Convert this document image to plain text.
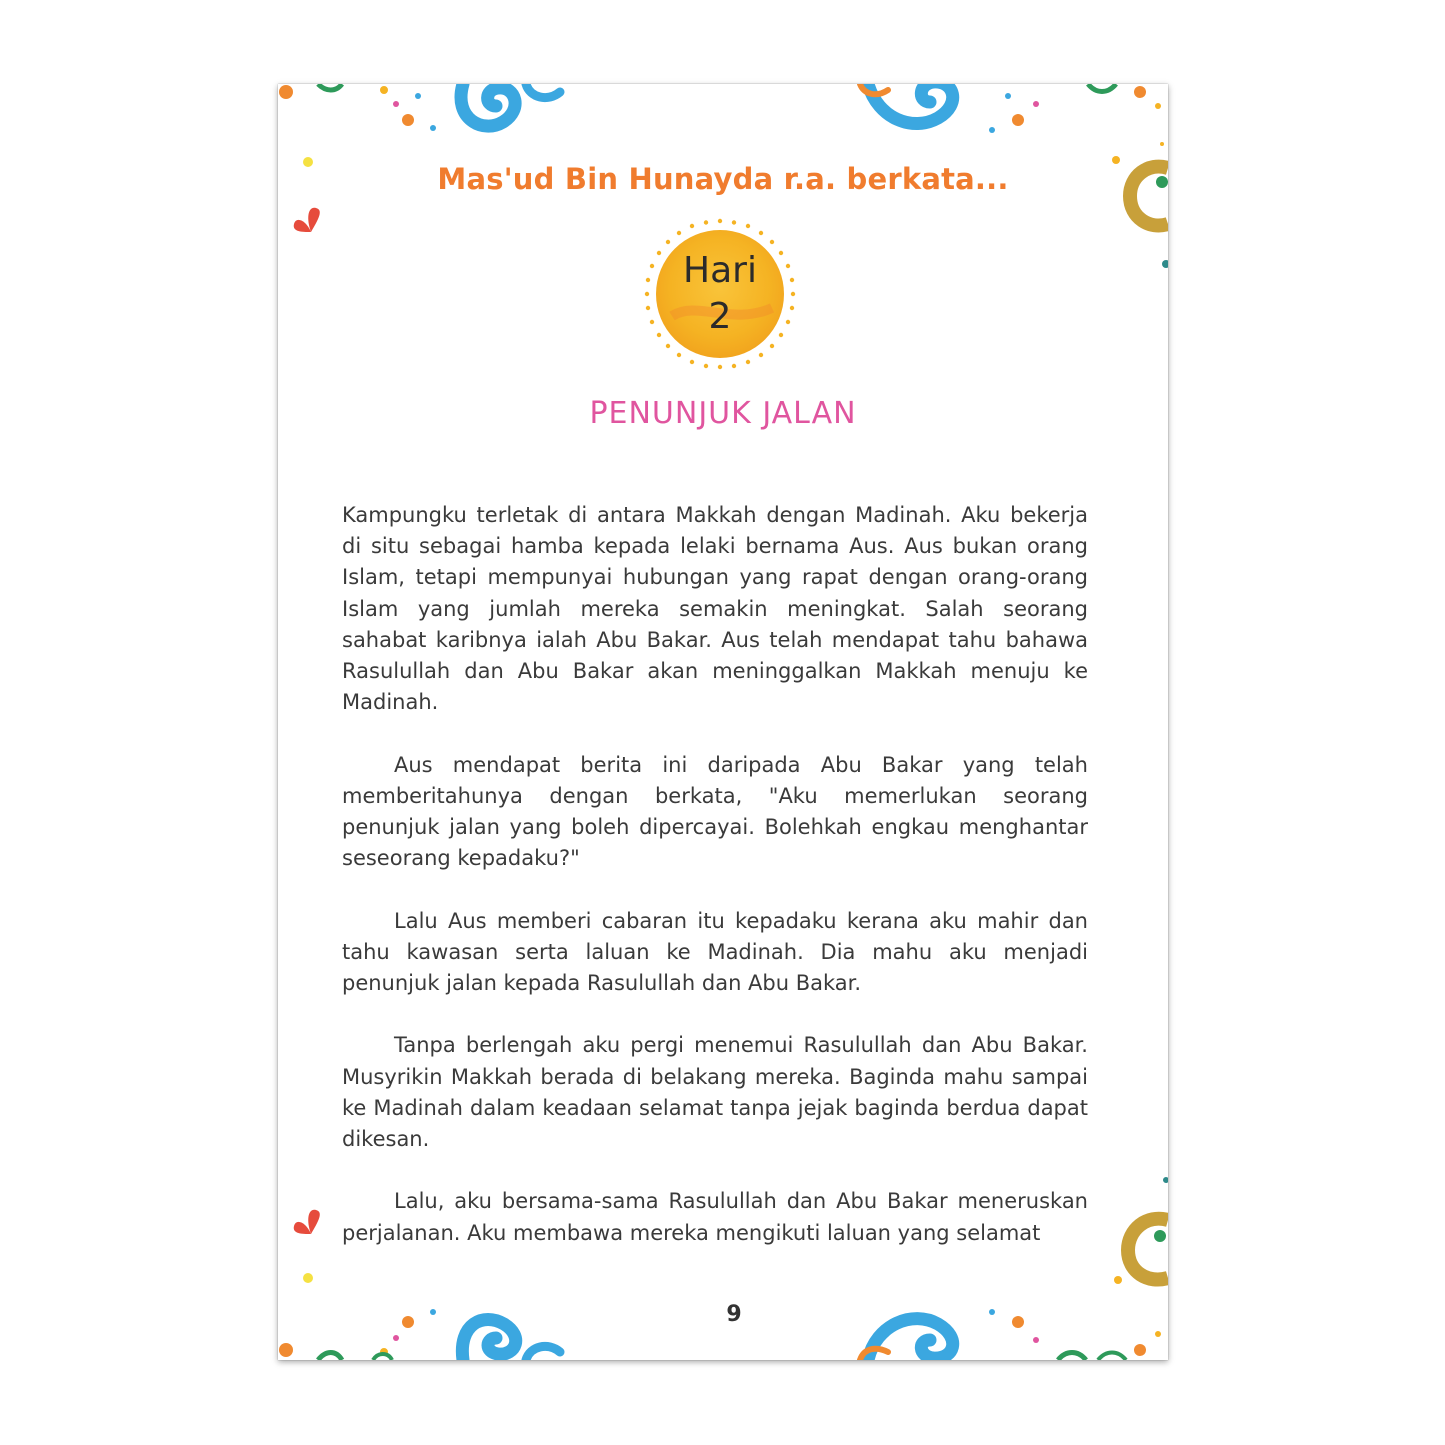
Mas'ud Bin Hunayda r.a. berkata...
Hari
2
PENUNJUK JALAN

Kampungku terletak di antara Makkah dengan Madinah. Aku bekerja di situ sebagai hamba kepada lelaki bernama Aus. Aus bukan orang Islam, tetapi mempunyai hubungan yang rapat dengan orang-orang Islam yang jumlah mereka semakin meningkat. Salah seorang sahabat karibnya ialah Abu Bakar. Aus telah mendapat tahu bahawa Rasulullah dan Abu Bakar akan meninggalkan Makkah menuju ke Madinah.

Aus mendapat berita ini daripada Abu Bakar yang telah memberitahunya dengan berkata, "Aku memerlukan seorang penunjuk jalan yang boleh dipercayai. Bolehkah engkau menghantar seseorang kepadaku?"

Lalu Aus memberi cabaran itu kepadaku kerana aku mahir dan tahu kawasan serta laluan ke Madinah. Dia mahu aku menjadi penunjuk jalan kepada Rasulullah dan Abu Bakar.

Tanpa berlengah aku pergi menemui Rasulullah dan Abu Bakar. Musyrikin Makkah berada di belakang mereka. Baginda mahu sampai ke Madinah dalam keadaan selamat tanpa jejak baginda berdua dapat dikesan.

Lalu, aku bersama-sama Rasulullah dan Abu Bakar meneruskan perjalanan. Aku membawa mereka mengikuti laluan yang selamat

9
